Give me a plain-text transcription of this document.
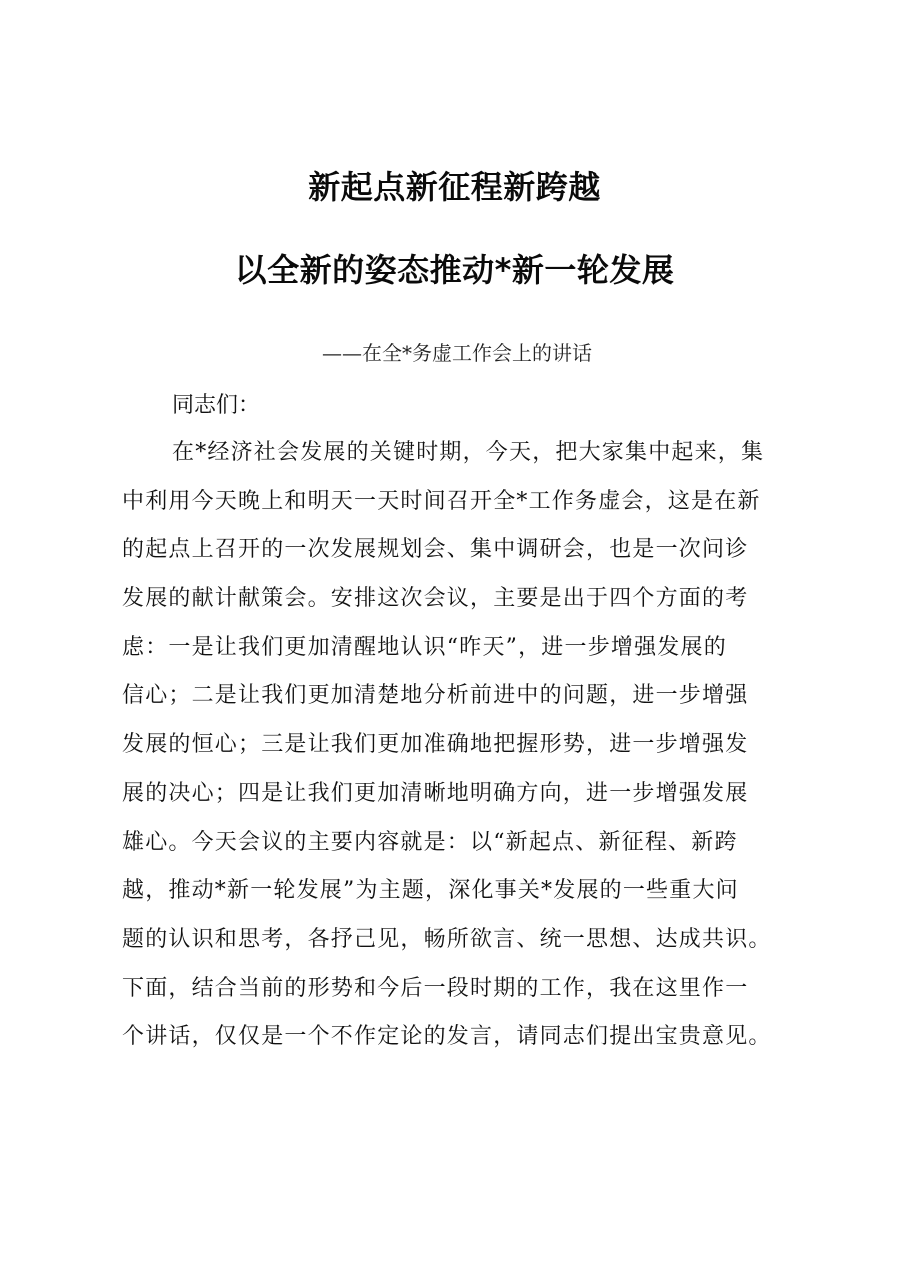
新起点新征程新跨越
以全新的姿态推动*新一轮发展
——在全*务虚工作会上的讲话
同志们：
在*经济社会发展的关键时期，今天，把大家集中起来，集
中利用今天晚上和明天一天时间召开全*工作务虚会，这是在新
的起点上召开的一次发展规划会、集中调研会，也是一次问诊
发展的献计献策会。安排这次会议，主要是出于四个方面的考
虑：一是让我们更加清醒地认识“昨天”，进一步增强发展的
信心；二是让我们更加清楚地分析前进中的问题，进一步增强
发展的恒心；三是让我们更加准确地把握形势，进一步增强发
展的决心；四是让我们更加清晰地明确方向，进一步增强发展
雄心。今天会议的主要内容就是：以“新起点、新征程、新跨
越，推动*新一轮发展”为主题，深化事关*发展的一些重大问
题的认识和思考，各抒己见，畅所欲言、统一思想、达成共识。
下面，结合当前的形势和今后一段时期的工作，我在这里作一
个讲话，仅仅是一个不作定论的发言，请同志们提出宝贵意见。
